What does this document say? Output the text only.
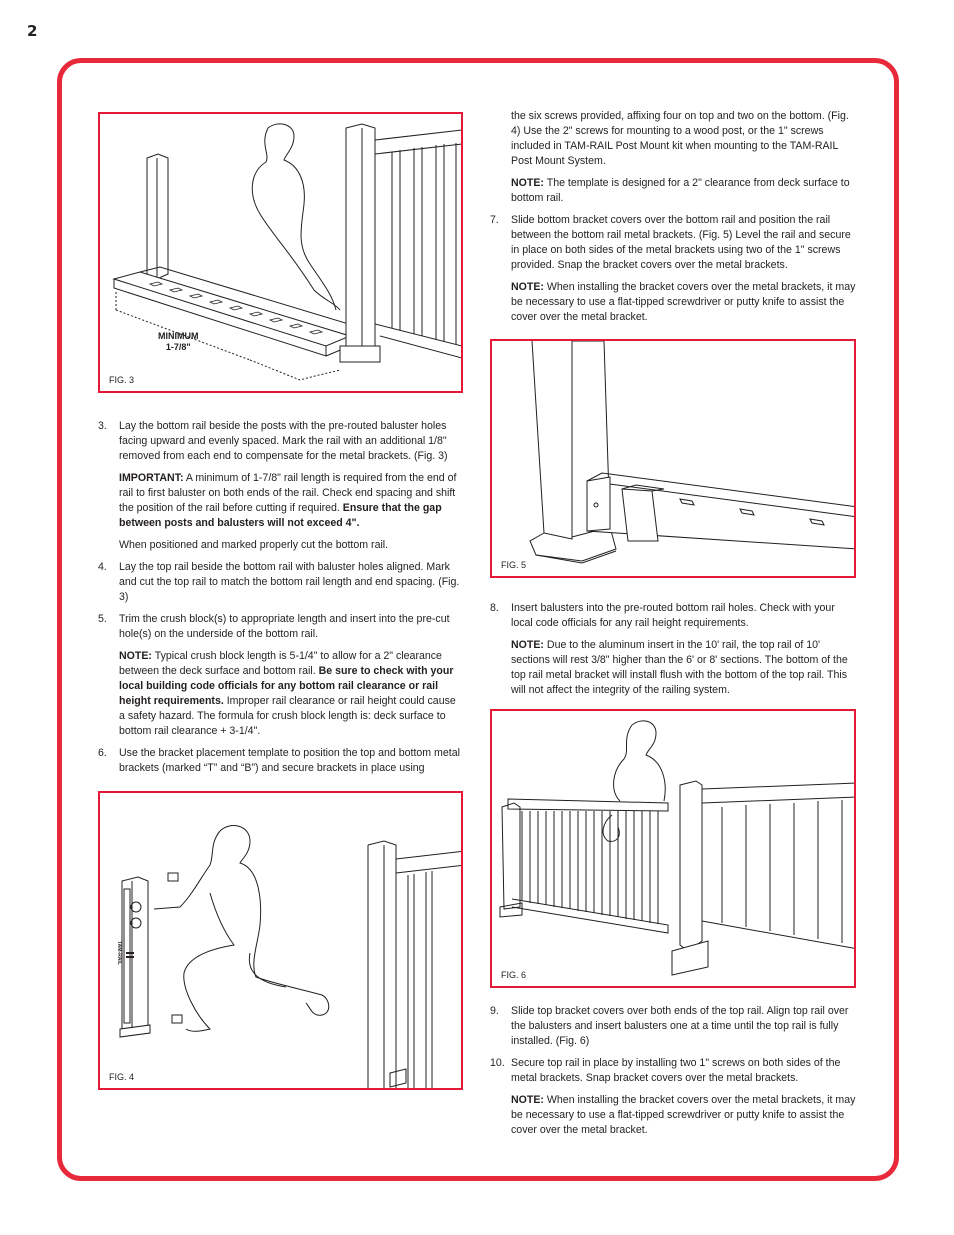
2
MINIMUM
1-7/8"
FIG. 3
TAM-RAIL
FIG. 4
FIG. 5
FIG. 6
3. Lay the bottom rail beside the posts with the pre-routed baluster holes facing upward and evenly spaced. Mark the rail with an additional 1/8" removed from each end to compensate for the metal brackets. (Fig. 3)
IMPORTANT: A minimum of 1-7/8" rail length is required from the end of rail to first baluster on both ends of the rail. Check end spacing and shift the position of the rail before cutting if required. Ensure that the gap between posts and balusters will not exceed 4".
When positioned and marked properly cut the bottom rail.
4. Lay the top rail beside the bottom rail with baluster holes aligned. Mark and cut the top rail to match the bottom rail length and end spacing. (Fig. 3)
5. Trim the crush block(s) to appropriate length and insert into the pre-cut hole(s) on the underside of the bottom rail.
NOTE: Typical crush block length is 5-1/4" to allow for a 2" clearance between the deck surface and bottom rail. Be sure to check with your local building code officials for any bottom rail clearance or rail height requirements. Improper rail clearance or rail height could cause a safety hazard. The formula for crush block length is: deck surface to bottom rail clearance + 3-1/4".
6. Use the bracket placement template to position the top and bottom metal brackets (marked “T” and “B”) and secure brackets in place using
the six screws provided, affixing four on top and two on the bottom. (Fig. 4) Use the 2" screws for mounting to a wood post, or the 1" screws included in TAM-RAIL Post Mount kit when mounting to the TAM-RAIL Post Mount System.
NOTE: The template is designed for a 2" clearance from deck surface to bottom rail.
7. Slide bottom bracket covers over the bottom rail and position the rail between the bottom rail metal brackets. (Fig. 5) Level the rail and secure in place on both sides of the metal brackets using two of the 1" screws provided. Snap the bracket covers over the metal brackets.
NOTE: When installing the bracket covers over the metal brackets, it may be necessary to use a flat-tipped screwdriver or putty knife to assist the cover over the metal bracket.
8. Insert balusters into the pre-routed bottom rail holes. Check with your local code officials for any rail height requirements.
NOTE: Due to the aluminum insert in the 10' rail, the top rail of 10' sections will rest 3/8" higher than the 6' or 8' sections. The bottom of the top rail metal bracket will install flush with the bottom of the top rail. This will not affect the integrity of the railing system.
9. Slide top bracket covers over both ends of the top rail. Align top rail over the balusters and insert balusters one at a time until the top rail is fully installed. (Fig. 6)
10. Secure top rail in place by installing two 1" screws on both sides of the metal brackets. Snap bracket covers over the metal brackets.
NOTE: When installing the bracket covers over the metal brackets, it may be necessary to use a flat-tipped screwdriver or putty knife to assist the cover over the metal bracket.
